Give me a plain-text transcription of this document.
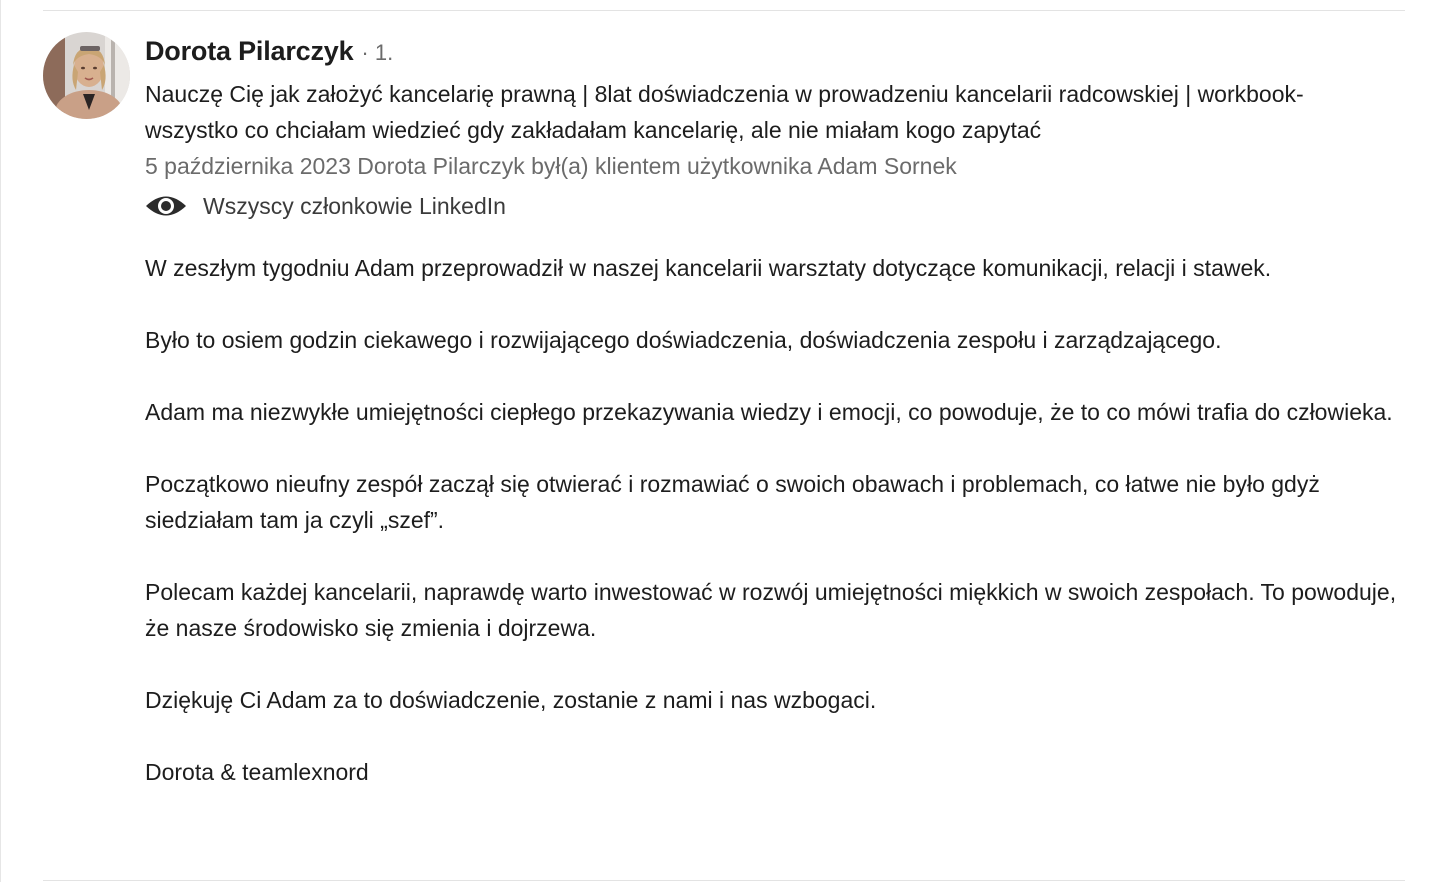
Dorota Pilarczyk · 1.
Nauczę Cię jak założyć kancelarię prawną | 8lat doświadczenia w prowadzeniu kancelarii radcowskiej | workbook- wszystko co chciałam wiedzieć gdy zakładałam kancelarię, ale nie miałam kogo zapytać
5 października 2023 Dorota Pilarczyk był(a) klientem użytkownika Adam Sornek
Wszyscy członkowie LinkedIn

W zeszłym tygodniu Adam przeprowadził w naszej kancelarii warsztaty dotyczące komunikacji, relacji i stawek.

Było to osiem godzin ciekawego i rozwijającego doświadczenia, doświadczenia zespołu i zarządzającego.

Adam ma niezwykłe umiejętności ciepłego przekazywania wiedzy i emocji, co powoduje, że to co mówi trafia do człowieka.

Początkowo nieufny zespół zaczął się otwierać i rozmawiać o swoich obawach i problemach, co łatwe nie było gdyż siedziałam tam ja czyli „szef”.

Polecam każdej kancelarii, naprawdę warto inwestować w rozwój umiejętności miękkich w swoich zespołach. To powoduje, że nasze środowisko się zmienia i dojrzewa.

Dziękuję Ci Adam za to doświadczenie, zostanie z nami i nas wzbogaci.

Dorota & teamlexnord
